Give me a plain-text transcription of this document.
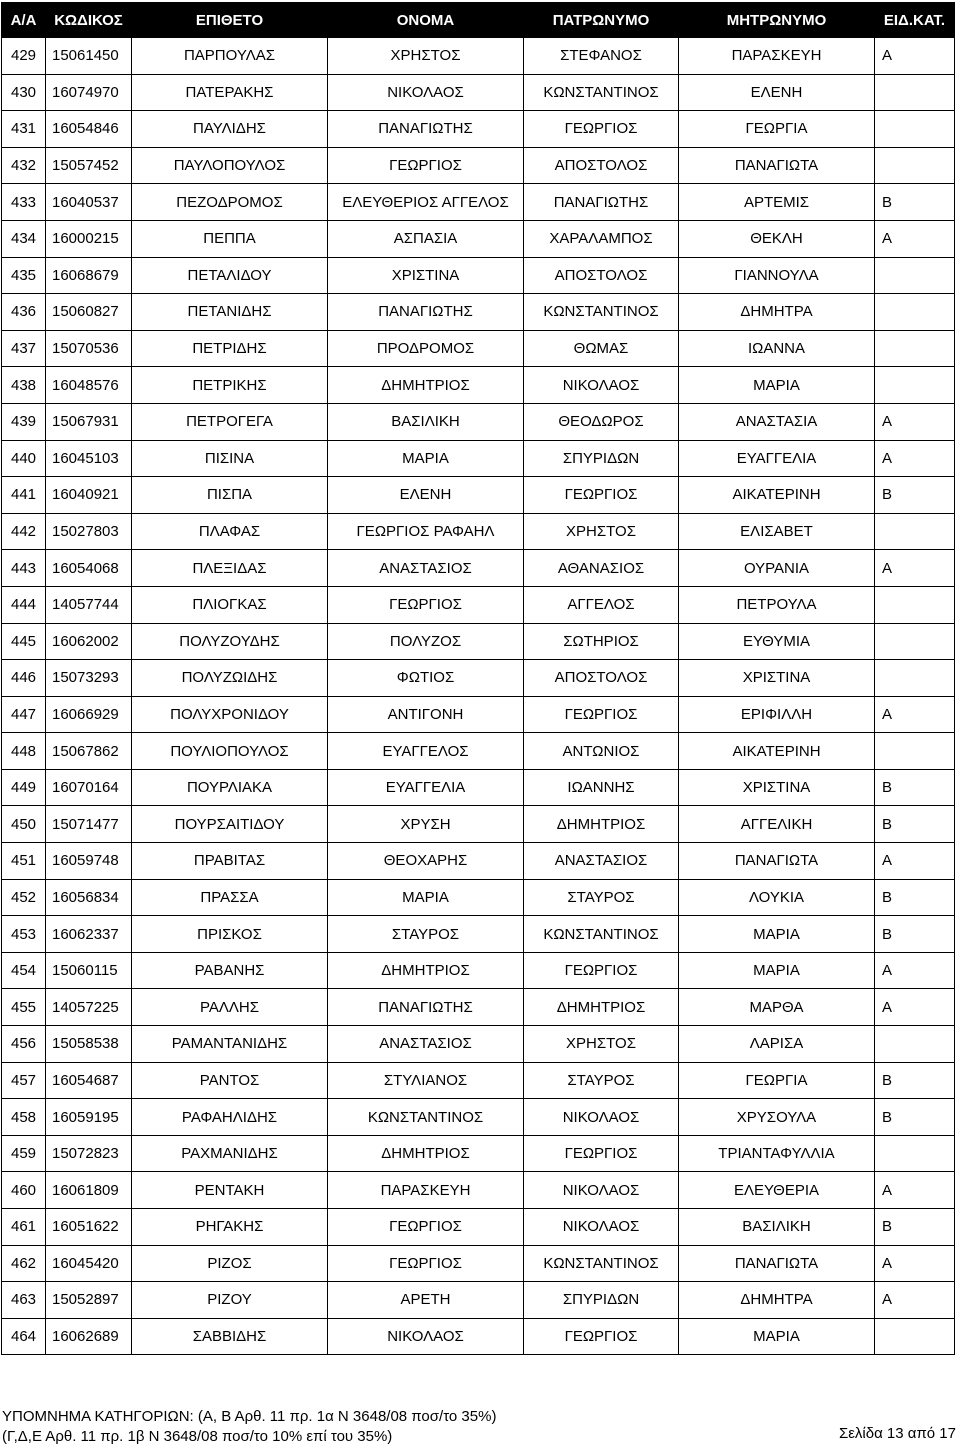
Α/Α	ΚΩΔΙΚΟΣ	ΕΠΙΘΕΤΟ	ΟΝΟΜΑ	ΠΑΤΡΩΝΥΜΟ	ΜΗΤΡΩΝΥΜΟ	ΕΙΔ.ΚΑΤ.
429	15061450	ΠΑΡΠΟΥΛΑΣ	ΧΡΗΣΤΟΣ	ΣΤΕΦΑΝΟΣ	ΠΑΡΑΣΚΕΥΗ	Α
430	16074970	ΠΑΤΕΡΑΚΗΣ	ΝΙΚΟΛΑΟΣ	ΚΩΝΣΤΑΝΤΙΝΟΣ	ΕΛΕΝΗ	
431	16054846	ΠΑΥΛΙΔΗΣ	ΠΑΝΑΓΙΩΤΗΣ	ΓΕΩΡΓΙΟΣ	ΓΕΩΡΓΙΑ	
432	15057452	ΠΑΥΛΟΠΟΥΛΟΣ	ΓΕΩΡΓΙΟΣ	ΑΠΟΣΤΟΛΟΣ	ΠΑΝΑΓΙΩΤΑ	
433	16040537	ΠΕΖΟΔΡΟΜΟΣ	ΕΛΕΥΘΕΡΙΟΣ ΑΓΓΕΛΟΣ	ΠΑΝΑΓΙΩΤΗΣ	ΑΡΤΕΜΙΣ	Β
434	16000215	ΠΕΠΠΑ	ΑΣΠΑΣΙΑ	ΧΑΡΑΛΑΜΠΟΣ	ΘΕΚΛΗ	Α
435	16068679	ΠΕΤΑΛΙΔΟΥ	ΧΡΙΣΤΙΝΑ	ΑΠΟΣΤΟΛΟΣ	ΓΙΑΝΝΟΥΛΑ	
436	15060827	ΠΕΤΑΝΙΔΗΣ	ΠΑΝΑΓΙΩΤΗΣ	ΚΩΝΣΤΑΝΤΙΝΟΣ	ΔΗΜΗΤΡΑ	
437	15070536	ΠΕΤΡΙΔΗΣ	ΠΡΟΔΡΟΜΟΣ	ΘΩΜΑΣ	ΙΩΑΝΝΑ	
438	16048576	ΠΕΤΡΙΚΗΣ	ΔΗΜΗΤΡΙΟΣ	ΝΙΚΟΛΑΟΣ	ΜΑΡΙΑ	
439	15067931	ΠΕΤΡΟΓΕΓΑ	ΒΑΣΙΛΙΚΗ	ΘΕΟΔΩΡΟΣ	ΑΝΑΣΤΑΣΙΑ	Α
440	16045103	ΠΙΣΙΝΑ	ΜΑΡΙΑ	ΣΠΥΡΙΔΩΝ	ΕΥΑΓΓΕΛΙΑ	Α
441	16040921	ΠΙΣΠΑ	ΕΛΕΝΗ	ΓΕΩΡΓΙΟΣ	ΑΙΚΑΤΕΡΙΝΗ	Β
442	15027803	ΠΛΑΦΑΣ	ΓΕΩΡΓΙΟΣ ΡΑΦΑΗΛ	ΧΡΗΣΤΟΣ	ΕΛΙΣΑΒΕΤ	
443	16054068	ΠΛΕΞΙΔΑΣ	ΑΝΑΣΤΑΣΙΟΣ	ΑΘΑΝΑΣΙΟΣ	ΟΥΡΑΝΙΑ	Α
444	14057744	ΠΛΙΟΓΚΑΣ	ΓΕΩΡΓΙΟΣ	ΑΓΓΕΛΟΣ	ΠΕΤΡΟΥΛΑ	
445	16062002	ΠΟΛΥΖΟΥΔΗΣ	ΠΟΛΥΖΟΣ	ΣΩΤΗΡΙΟΣ	ΕΥΘΥΜΙΑ	
446	15073293	ΠΟΛΥΖΩΙΔΗΣ	ΦΩΤΙΟΣ	ΑΠΟΣΤΟΛΟΣ	ΧΡΙΣΤΙΝΑ	
447	16066929	ΠΟΛΥΧΡΟΝΙΔΟΥ	ΑΝΤΙΓΟΝΗ	ΓΕΩΡΓΙΟΣ	ΕΡΙΦΙΛΛΗ	Α
448	15067862	ΠΟΥΛΙΟΠΟΥΛΟΣ	ΕΥΑΓΓΕΛΟΣ	ΑΝΤΩΝΙΟΣ	ΑΙΚΑΤΕΡΙΝΗ	
449	16070164	ΠΟΥΡΛΙΑΚΑ	ΕΥΑΓΓΕΛΙΑ	ΙΩΑΝΝΗΣ	ΧΡΙΣΤΙΝΑ	Β
450	15071477	ΠΟΥΡΣΑΙΤΙΔΟΥ	ΧΡΥΣΗ	ΔΗΜΗΤΡΙΟΣ	ΑΓΓΕΛΙΚΗ	Β
451	16059748	ΠΡΑΒΙΤΑΣ	ΘΕΟΧΑΡΗΣ	ΑΝΑΣΤΑΣΙΟΣ	ΠΑΝΑΓΙΩΤΑ	Α
452	16056834	ΠΡΑΣΣΑ	ΜΑΡΙΑ	ΣΤΑΥΡΟΣ	ΛΟΥΚΙΑ	Β
453	16062337	ΠΡΙΣΚΟΣ	ΣΤΑΥΡΟΣ	ΚΩΝΣΤΑΝΤΙΝΟΣ	ΜΑΡΙΑ	Β
454	15060115	ΡΑΒΑΝΗΣ	ΔΗΜΗΤΡΙΟΣ	ΓΕΩΡΓΙΟΣ	ΜΑΡΙΑ	Α
455	14057225	ΡΑΛΛΗΣ	ΠΑΝΑΓΙΩΤΗΣ	ΔΗΜΗΤΡΙΟΣ	ΜΑΡΘΑ	Α
456	15058538	ΡΑΜΑΝΤΑΝΙΔΗΣ	ΑΝΑΣΤΑΣΙΟΣ	ΧΡΗΣΤΟΣ	ΛΑΡΙΣΑ	
457	16054687	ΡΑΝΤΟΣ	ΣΤΥΛΙΑΝΟΣ	ΣΤΑΥΡΟΣ	ΓΕΩΡΓΙΑ	Β
458	16059195	ΡΑΦΑΗΛΙΔΗΣ	ΚΩΝΣΤΑΝΤΙΝΟΣ	ΝΙΚΟΛΑΟΣ	ΧΡΥΣΟΥΛΑ	Β
459	15072823	ΡΑΧΜΑΝΙΔΗΣ	ΔΗΜΗΤΡΙΟΣ	ΓΕΩΡΓΙΟΣ	ΤΡΙΑΝΤΑΦΥΛΛΙΑ	
460	16061809	ΡΕΝΤΑΚΗ	ΠΑΡΑΣΚΕΥΗ	ΝΙΚΟΛΑΟΣ	ΕΛΕΥΘΕΡΙΑ	Α
461	16051622	ΡΗΓΑΚΗΣ	ΓΕΩΡΓΙΟΣ	ΝΙΚΟΛΑΟΣ	ΒΑΣΙΛΙΚΗ	Β
462	16045420	ΡΙΖΟΣ	ΓΕΩΡΓΙΟΣ	ΚΩΝΣΤΑΝΤΙΝΟΣ	ΠΑΝΑΓΙΩΤΑ	Α
463	15052897	ΡΙΖΟΥ	ΑΡΕΤΗ	ΣΠΥΡΙΔΩΝ	ΔΗΜΗΤΡΑ	Α
464	16062689	ΣΑΒΒΙΔΗΣ	ΝΙΚΟΛΑΟΣ	ΓΕΩΡΓΙΟΣ	ΜΑΡΙΑ	
ΥΠΟΜΝΗΜΑ ΚΑΤΗΓΟΡΙΩΝ: (Α, Β Αρθ. 11 πρ. 1α Ν 3648/08 ποσ/το 35%)
(Γ,Δ,Ε Αρθ. 11 πρ. 1β Ν 3648/08 ποσ/το 10% επί του 35%)	Σελίδα 13 από 17
